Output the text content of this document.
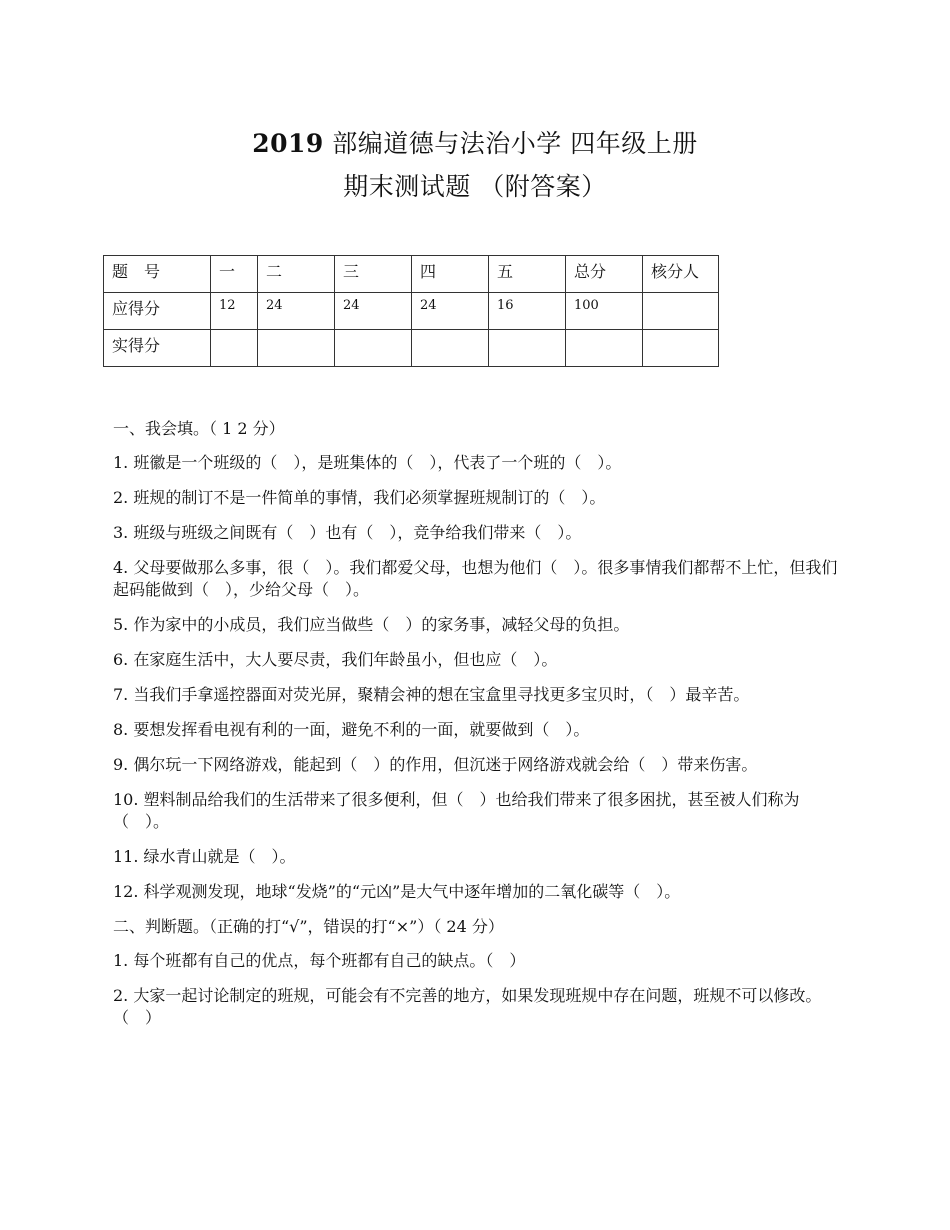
2019 部编道德与法治小学 四年级上册
期末测试题 （附答案）
题　号	一	二	三	四	五	总分	核分人

应得分	12	24	24	24	16	100	

实得分							

一、我会填。（ 1 2 分）

1. 班徽是一个班级的（　），是班集体的（　），代表了一个班的（　）。

2. 班规的制订不是一件简单的事情，我们必须掌握班规制订的（　）。

3. 班级与班级之间既有（　）也有（　），竞争给我们带来（　）。

4. 父母要做那么多事，很（　）。我们都爱父母，也想为他们（　）。很多事情我们都帮不上忙，但我们起码能做到（　），少给父母（　）。

5. 作为家中的小成员，我们应当做些（　）的家务事，减轻父母的负担。

6. 在家庭生活中，大人要尽责，我们年龄虽小，但也应（　）。

7. 当我们手拿遥控器面对荧光屏，聚精会神的想在宝盒里寻找更多宝贝时，（　）最辛苦。

8. 要想发挥看电视有利的一面，避免不利的一面，就要做到（　）。

9. 偶尔玩一下网络游戏，能起到（　）的作用，但沉迷于网络游戏就会给（　）带来伤害。

10. 塑料制品给我们的生活带来了很多便利，但（　）也给我们带来了很多困扰，甚至被人们称为（　）。

11. 绿水青山就是（　）。

12. 科学观测发现，地球“发烧”的“元凶”是大气中逐年增加的二氧化碳等（　）。

二、判断题。（正确的打“√”，错误的打“×”）（ 24 分）

1. 每个班都有自己的优点，每个班都有自己的缺点。（　）

2. 大家一起讨论制定的班规，可能会有不完善的地方，如果发现班规中存在问题，班规不可以修改。（　）
